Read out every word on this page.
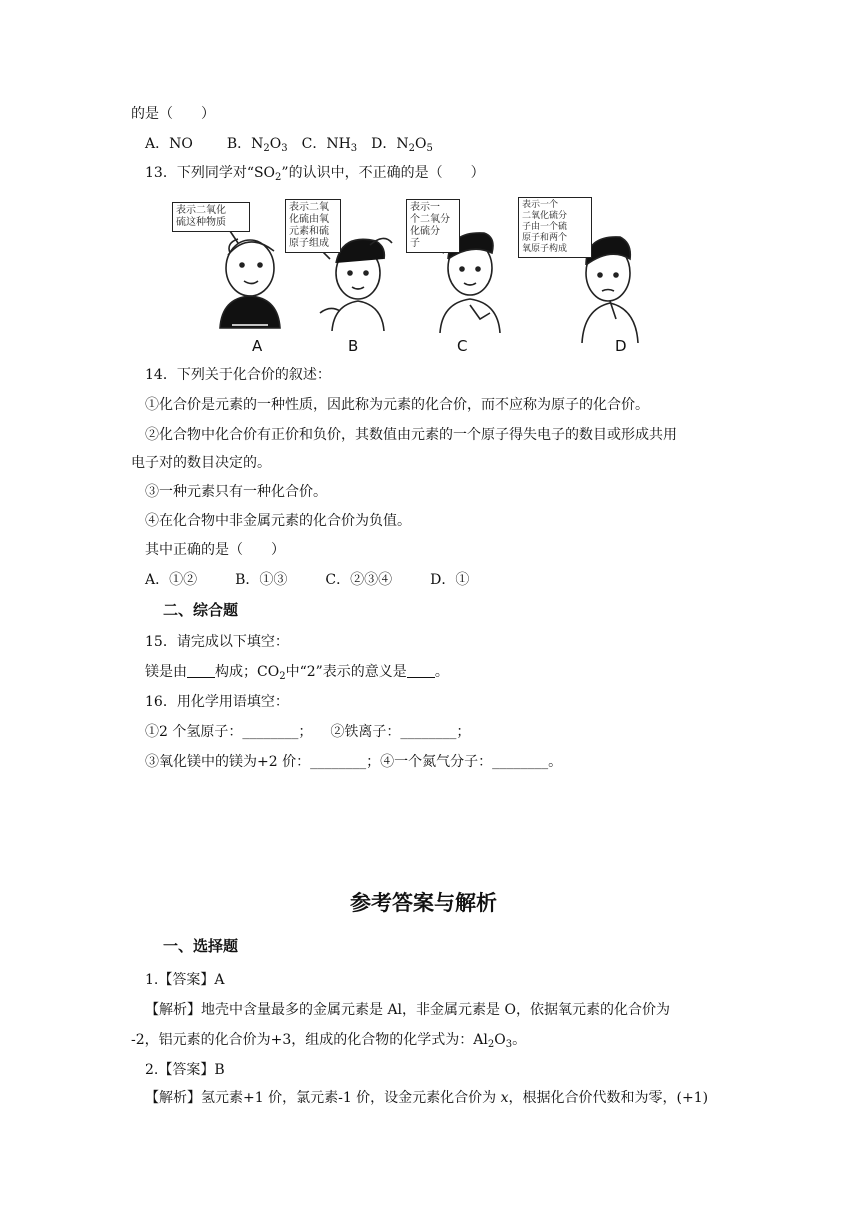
的是（　　）
A．NO B．$N_2O_3$ C．$NH_3$ D．$N_2O_5$
13．下列同学对“$SO_2$”的认识中，不正确的是（　　）
表示二氧化
硫这种物质
表示二氧
化硫由氧
元素和硫
原子组成
表示一
个二氧分
化硫分
子
表示一个
二氧化硫分
子由一个硫
原子和两个
氧原子构成
A	B	C	D
14．下列关于化合价的叙述：
①化合价是元素的一种性质，因此称为元素的化合价，而不应称为原子的化合价。
②化合物中化合价有正价和负价，其数值由元素的一个原子得失电子的数目或形成共用
电子对的数目决定的。
③一种元素只有一种化合价。
④在化合物中非金属元素的化合价为负值。
其中正确的是（　　）
A．①②	B．①③	C．②③④	D．①
二、综合题
15．请完成以下填空：
镁是由 构成；$CO_2$中“2”表示的意义是 。
16．用化学用语填空：
①2 个氢原子：________； ②铁离子：________；
③氧化镁中的镁为+2 价：________；④一个氮气分子：________。
参考答案与解析
一、选择题
1.【答案】A
【解析】地壳中含量最多的金属元素是 Al，非金属元素是 O，依据氧元素的化合价为
-2，铝元素的化合价为+3，组成的化合物的化学式为：$Al_2O_3$。
2.【答案】B
【解析】氢元素+1 价，氯元素-1 价，设金元素化合价为 x，根据化合价代数和为零，(+1)
